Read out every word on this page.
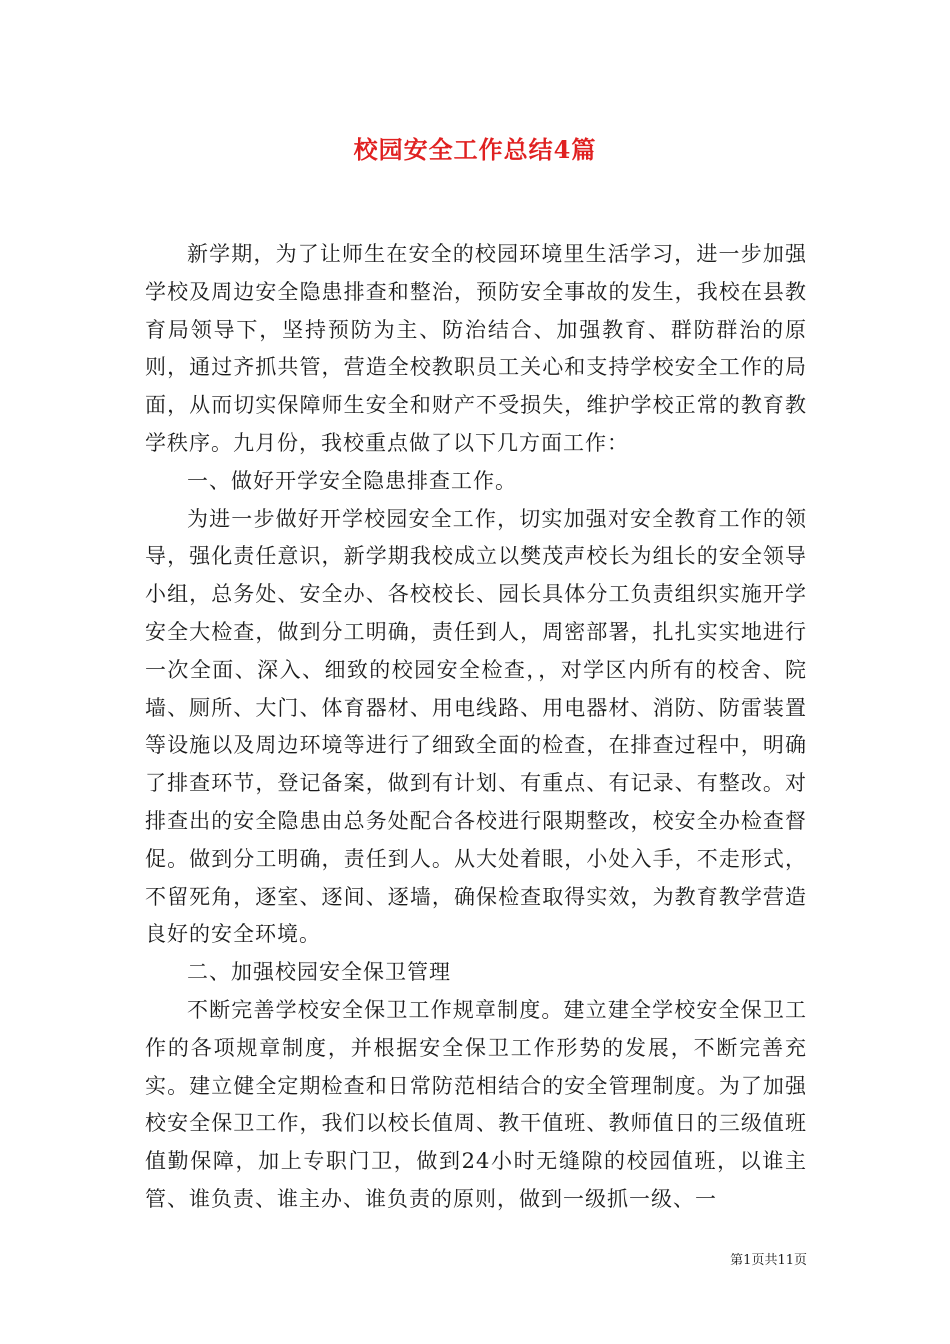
校园安全工作总结4篇

新学期，为了让师生在安全的校园环境里生活学习，进一步加强学校及周边安全隐患排查和整治，预防安全事故的发生，我校在县教育局领导下，坚持预防为主、防治结合、加强教育、群防群治的原则，通过齐抓共管，营造全校教职员工关心和支持学校安全工作的局面，从而切实保障师生安全和财产不受损失，维护学校正常的教育教学秩序。九月份，我校重点做了以下几方面工作：

一、做好开学安全隐患排查工作。

为进一步做好开学校园安全工作，切实加强对安全教育工作的领导，强化责任意识，新学期我校成立以樊茂声校长为组长的安全领导小组，总务处、安全办、各校校长、园长具体分工负责组织实施开学安全大检查，做到分工明确，责任到人，周密部署，扎扎实实地进行一次全面、深入、细致的校园安全检查，，对学区内所有的校舍、院墙、厕所、大门、体育器材、用电线路、用电器材、消防、防雷装置等设施以及周边环境等进行了细致全面的检查，在排查过程中，明确了排查环节，登记备案，做到有计划、有重点、有记录、有整改。对排查出的安全隐患由总务处配合各校进行限期整改，校安全办检查督促。做到分工明确，责任到人。从大处着眼，小处入手，不走形式，不留死角，逐室、逐间、逐墙，确保检查取得实效，为教育教学营造良好的安全环境。

二、加强校园安全保卫管理

不断完善学校安全保卫工作规章制度。建立建全学校安全保卫工作的各项规章制度，并根据安全保卫工作形势的发展，不断完善充实。建立健全定期检查和日常防范相结合的安全管理制度。为了加强校安全保卫工作，我们以校长值周、教干值班、教师值日的三级值班值勤保障，加上专职门卫，做到24小时无缝隙的校园值班，以谁主管、谁负责、谁主办、谁负责的原则，做到一级抓一级、一

第1页共11页
